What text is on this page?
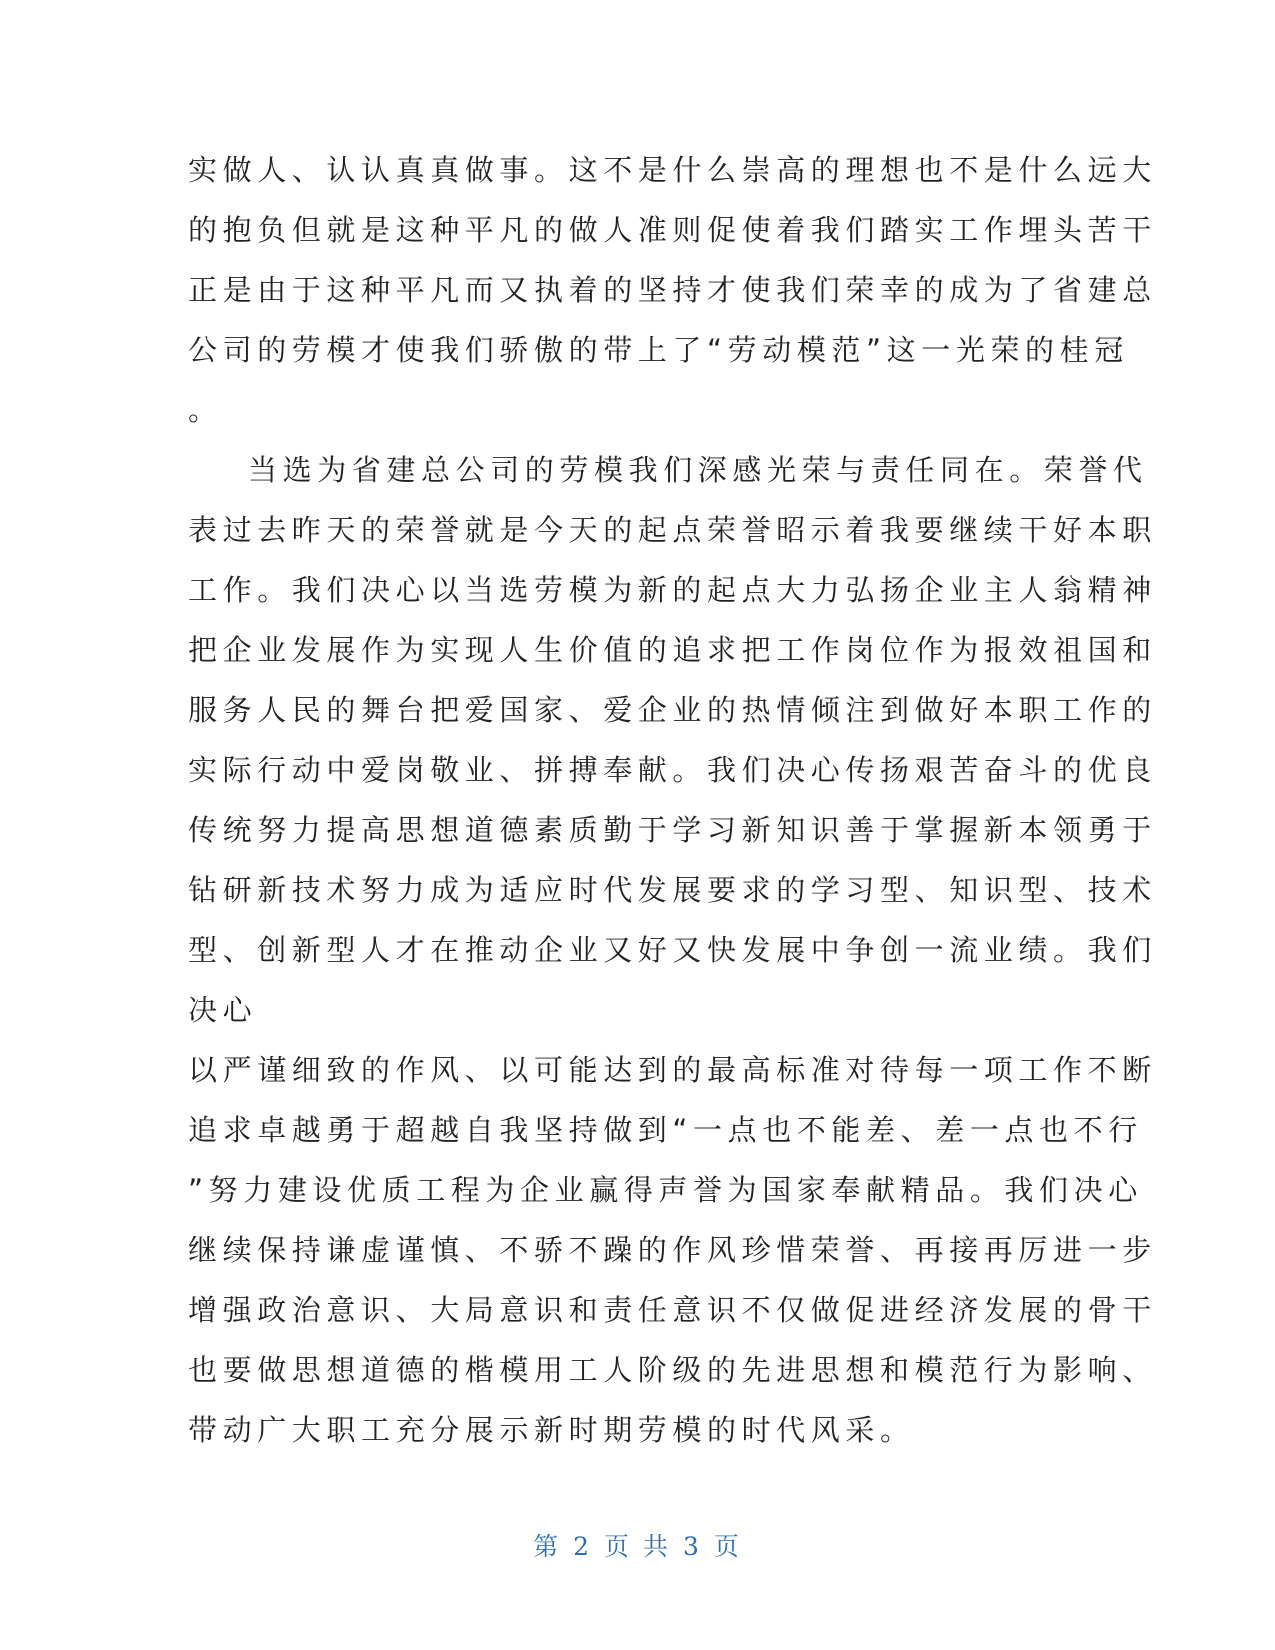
实做人、认认真真做事。这不是什么崇高的理想也不是什么远大
的抱负但就是这种平凡的做人准则促使着我们踏实工作埋头苦干
正是由于这种平凡而又执着的坚持才使我们荣幸的成为了省建总
公司的劳模才使我们骄傲的带上了“劳动模范”这一光荣的桂冠
。
当选为省建总公司的劳模我们深感光荣与责任同在。荣誉代
表过去昨天的荣誉就是今天的起点荣誉昭示着我要继续干好本职
工作。我们决心以当选劳模为新的起点大力弘扬企业主人翁精神
把企业发展作为实现人生价值的追求把工作岗位作为报效祖国和
服务人民的舞台把爱国家、爱企业的热情倾注到做好本职工作的
实际行动中爱岗敬业、拼搏奉献。我们决心传扬艰苦奋斗的优良
传统努力提高思想道德素质勤于学习新知识善于掌握新本领勇于
钻研新技术努力成为适应时代发展要求的学习型、知识型、技术
型、创新型人才在推动企业又好又快发展中争创一流业绩。我们
决心
以严谨细致的作风、以可能达到的最高标准对待每一项工作不断
追求卓越勇于超越自我坚持做到“一点也不能差、差一点也不行
”努力建设优质工程为企业赢得声誉为国家奉献精品。我们决心
继续保持谦虚谨慎、不骄不躁的作风珍惜荣誉、再接再厉进一步
增强政治意识、大局意识和责任意识不仅做促进经济发展的骨干
也要做思想道德的楷模用工人阶级的先进思想和模范行为影响、
带动广大职工充分展示新时期劳模的时代风采。
第 2 页 共 3 页
